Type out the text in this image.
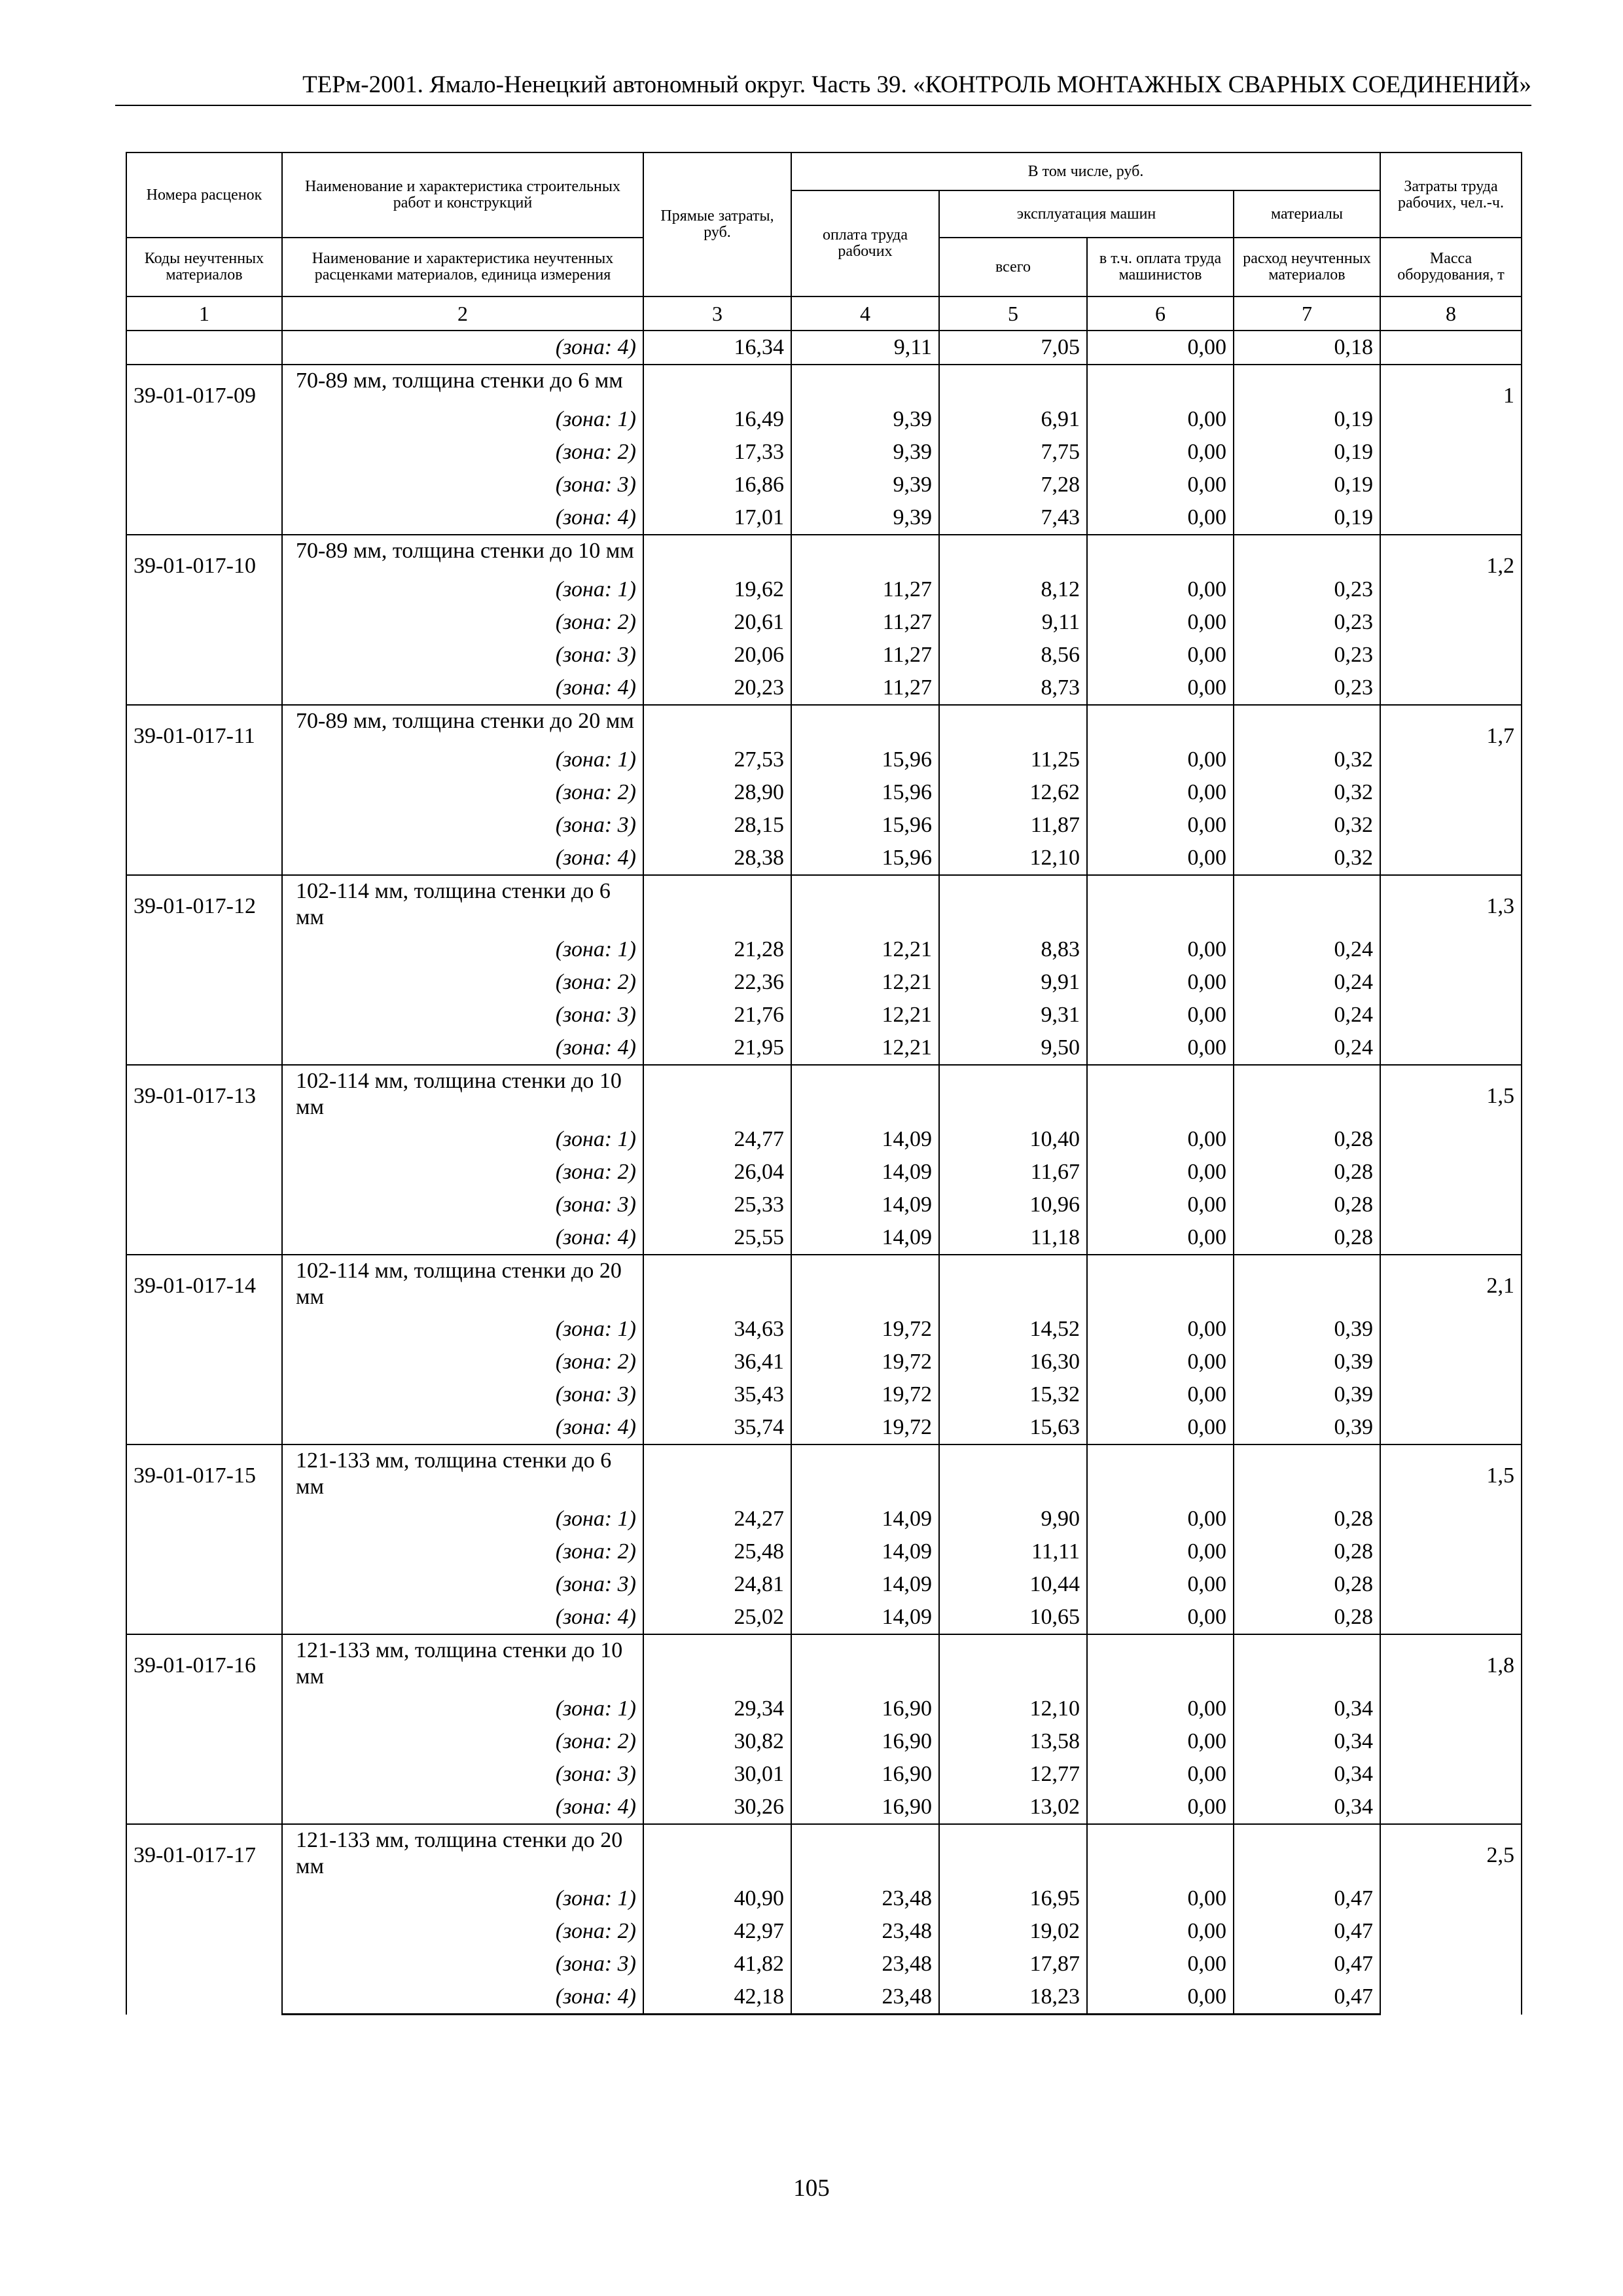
ТЕРм-2001. Ямало-Ненецкий автономный округ. Часть 39. «КОНТРОЛЬ МОНТАЖНЫХ СВАРНЫХ СОЕДИНЕНИЙ»
Номера расценок	Наименование и характеристика строительных работ и конструкций	Прямые затраты, руб.	В том числе, руб.				Затраты труда рабочих, чел.-ч.
			оплата труда рабочих	эксплуатация машин		материалы	
Коды неучтенных материалов	Наименование и характеристика неучтенных расценками материалов, единица измерения			всего	в т.ч. оплата труда машинистов	расход неучтенных материалов	Масса оборудования, т
1	2	3	4	5	6	7	8
	(зона: 4)	16,34	9,11	7,05	0,00	0,18	
39-01-017-09	70-89 мм, толщина стенки до 6 мм						1
	(зона: 1)	16,49	9,39	6,91	0,00	0,19	
	(зона: 2)	17,33	9,39	7,75	0,00	0,19	
	(зона: 3)	16,86	9,39	7,28	0,00	0,19	
	(зона: 4)	17,01	9,39	7,43	0,00	0,19	
39-01-017-10	70-89 мм, толщина стенки до 10 мм						1,2
	(зона: 1)	19,62	11,27	8,12	0,00	0,23	
	(зона: 2)	20,61	11,27	9,11	0,00	0,23	
	(зона: 3)	20,06	11,27	8,56	0,00	0,23	
	(зона: 4)	20,23	11,27	8,73	0,00	0,23	
39-01-017-11	70-89 мм, толщина стенки до 20 мм						1,7
	(зона: 1)	27,53	15,96	11,25	0,00	0,32	
	(зона: 2)	28,90	15,96	12,62	0,00	0,32	
	(зона: 3)	28,15	15,96	11,87	0,00	0,32	
	(зона: 4)	28,38	15,96	12,10	0,00	0,32	
39-01-017-12	102-114 мм, толщина стенки до 6 мм						1,3
	(зона: 1)	21,28	12,21	8,83	0,00	0,24	
	(зона: 2)	22,36	12,21	9,91	0,00	0,24	
	(зона: 3)	21,76	12,21	9,31	0,00	0,24	
	(зона: 4)	21,95	12,21	9,50	0,00	0,24	
39-01-017-13	102-114 мм, толщина стенки до 10 мм						1,5
	(зона: 1)	24,77	14,09	10,40	0,00	0,28	
	(зона: 2)	26,04	14,09	11,67	0,00	0,28	
	(зона: 3)	25,33	14,09	10,96	0,00	0,28	
	(зона: 4)	25,55	14,09	11,18	0,00	0,28	
39-01-017-14	102-114 мм, толщина стенки до 20 мм						2,1
	(зона: 1)	34,63	19,72	14,52	0,00	0,39	
	(зона: 2)	36,41	19,72	16,30	0,00	0,39	
	(зона: 3)	35,43	19,72	15,32	0,00	0,39	
	(зона: 4)	35,74	19,72	15,63	0,00	0,39	
39-01-017-15	121-133 мм, толщина стенки до 6 мм						1,5
	(зона: 1)	24,27	14,09	9,90	0,00	0,28	
	(зона: 2)	25,48	14,09	11,11	0,00	0,28	
	(зона: 3)	24,81	14,09	10,44	0,00	0,28	
	(зона: 4)	25,02	14,09	10,65	0,00	0,28	
39-01-017-16	121-133 мм, толщина стенки до 10 мм						1,8
	(зона: 1)	29,34	16,90	12,10	0,00	0,34	
	(зона: 2)	30,82	16,90	13,58	0,00	0,34	
	(зона: 3)	30,01	16,90	12,77	0,00	0,34	
	(зона: 4)	30,26	16,90	13,02	0,00	0,34	
39-01-017-17	121-133 мм, толщина стенки до 20 мм						2,5
	(зона: 1)	40,90	23,48	16,95	0,00	0,47	
	(зона: 2)	42,97	23,48	19,02	0,00	0,47	
	(зона: 3)	41,82	23,48	17,87	0,00	0,47	
	(зона: 4)	42,18	23,48	18,23	0,00	0,47	
105
